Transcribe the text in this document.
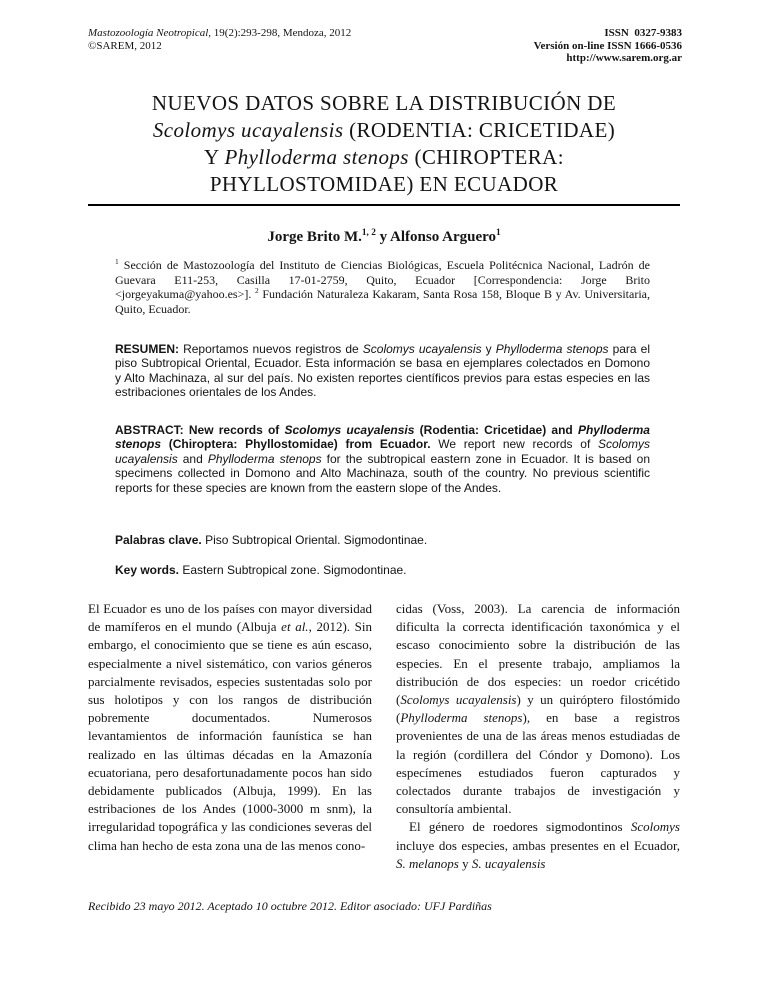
Mastozoología Neotropical, 19(2):293-298, Mendoza, 2012
©SAREM, 2012
ISSN  0327-9383
Versión on-line ISSN 1666-0536
http://www.sarem.org.ar
NUEVOS DATOS SOBRE LA DISTRIBUCIÓN DE
Scolomys ucayalensis (RODENTIA: CRICETIDAE)
Y Phylloderma stenops (CHIROPTERA:
PHYLLOSTOMIDAE) EN ECUADOR
Jorge Brito M.$^{1, 2}$ y Alfonso Arguero$^1$

$^1$ Sección de Mastozoología del Instituto de Ciencias Biológicas, Escuela Politécnica Nacional, Ladrón de Guevara E11-253, Casilla 17-01-2759, Quito, Ecuador [Correspondencia: Jorge Brito <jorgeyakuma@yahoo.es>]. $^2$ Fundación Naturaleza Kakaram, Santa Rosa 158, Bloque B y Av. Universitaria, Quito, Ecuador.

RESUMEN: Reportamos nuevos registros de Scolomys ucayalensis y Phylloderma stenops para el piso Subtropical Oriental, Ecuador. Esta información se basa en ejemplares colectados en Domono y Alto Machinaza, al sur del país. No existen reportes científicos previos para estas especies en las estribaciones orientales de los Andes.

ABSTRACT: New records of Scolomys ucayalensis (Rodentia: Cricetidae) and Phylloderma stenops (Chiroptera: Phyllostomidae) from Ecuador. We report new records of Scolomys ucayalensis and Phylloderma stenops for the subtropical eastern zone in Ecuador. It is based on specimens collected in Domono and Alto Machinaza, south of the country. No previous scientific reports for these species are known from the eastern slope of the Andes.

Palabras clave. Piso Subtropical Oriental. Sigmodontinae.

Key words. Eastern Subtropical zone. Sigmodontinae.

El Ecuador es uno de los países con mayor diversidad de mamíferos en el mundo (Albuja et al., 2012). Sin embargo, el conocimiento que se tiene es aún escaso, especialmente a nivel sistemático, con varios géneros parcialmente revisados, especies sustentadas solo por sus holotipos y con los rangos de distribución pobremente documentados. Numerosos levantamientos de información faunística se han realizado en las últimas décadas en la Amazonía ecuatoriana, pero desafortunadamente pocos han sido debidamente publicados (Albuja, 1999). En las estribaciones de los Andes (1000-3000 m snm), la irregularidad topográfica y las condiciones severas del clima han hecho de esta zona una de las menos cono-

cidas (Voss, 2003). La carencia de información dificulta la correcta identificación taxonómica y el escaso conocimiento sobre la distribución de las especies. En el presente trabajo, ampliamos la distribución de dos especies: un roedor cricétido (Scolomys ucayalensis) y un quiróptero filostómido (Phylloderma stenops), en base a registros provenientes de una de las áreas menos estudiadas de la región (cordillera del Cóndor y Domono). Los especímenes estudiados fueron capturados y colectados durante trabajos de investigación y consultoría ambiental.

El género de roedores sigmodontinos Scolomys incluye dos especies, ambas presentes en el Ecuador, S. melanops y S. ucayalensis

Recibido 23 mayo 2012. Aceptado 10 octubre 2012. Editor asociado: UFJ Pardiñas
